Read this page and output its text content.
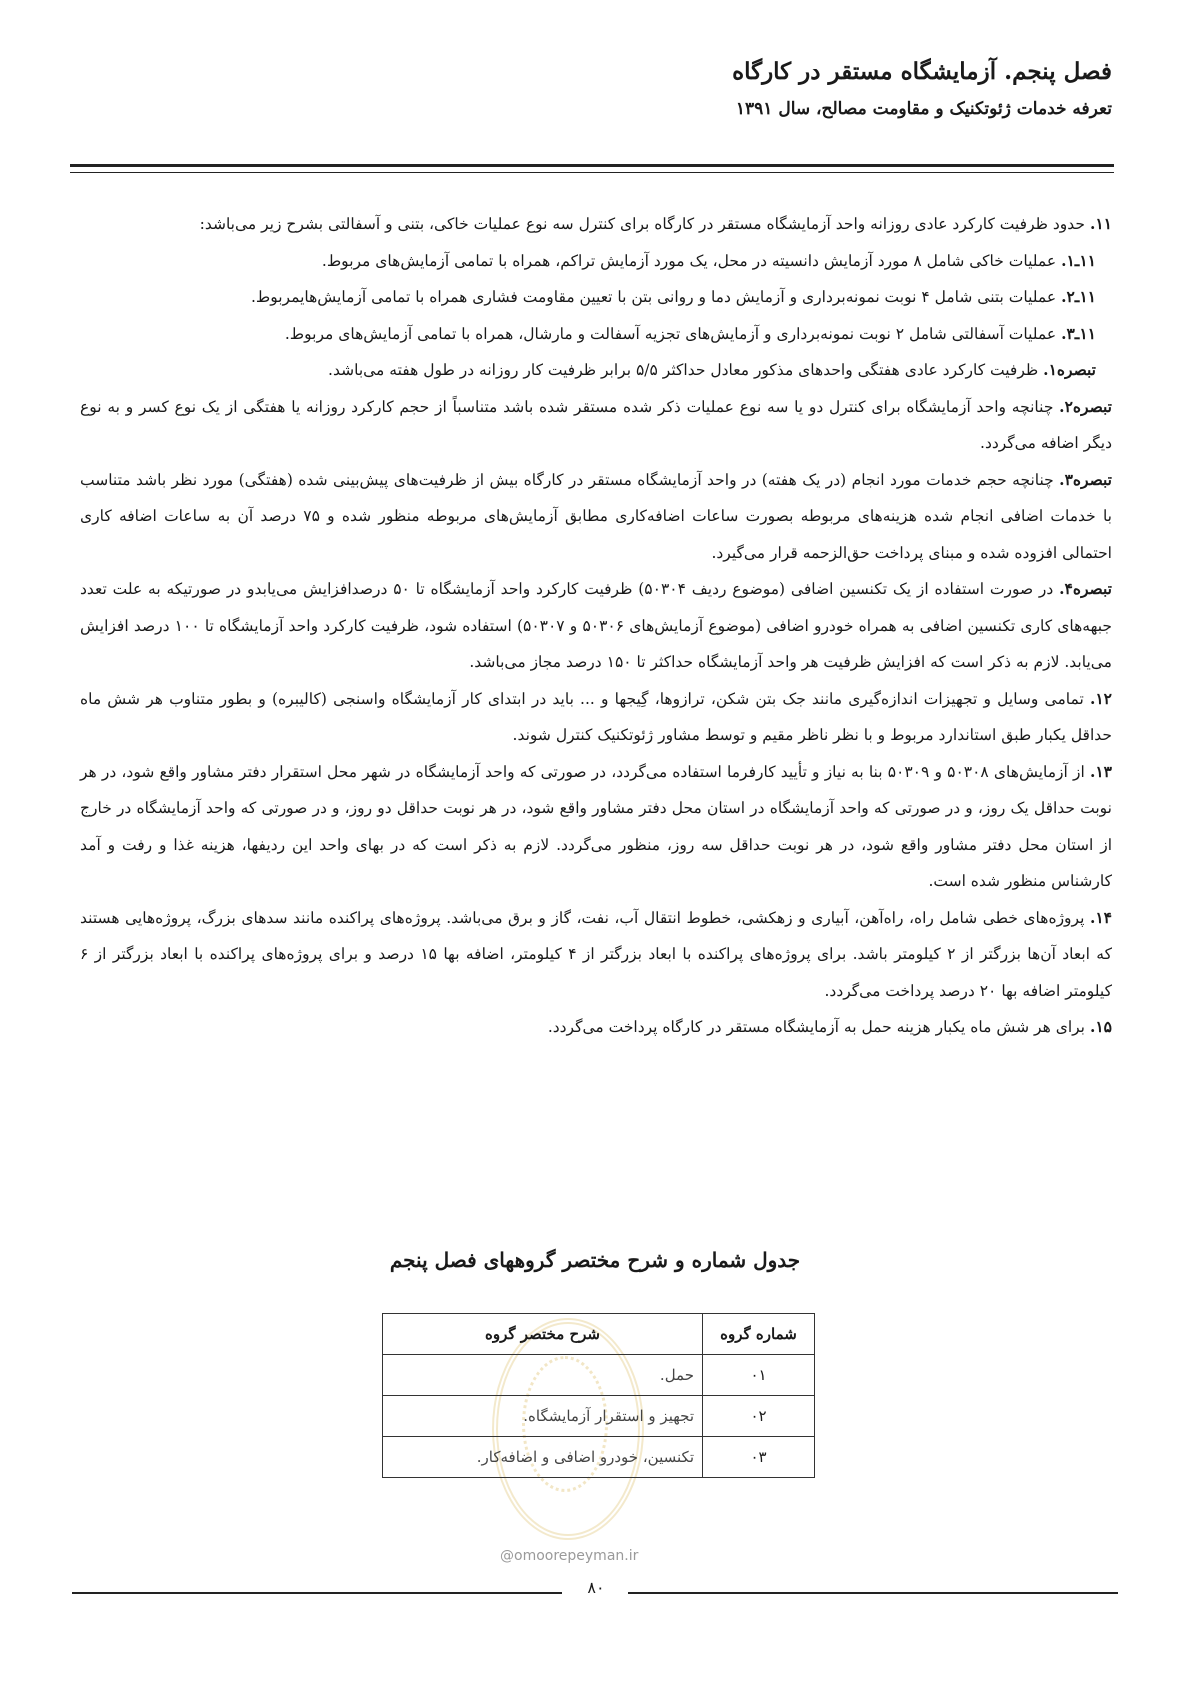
فصل پنجم. آزمایشگاه مستقر در کارگاه

تعرفه خدمات ژئوتکنیک و مقاومت مصالح، سال ۱۳۹۱

۱۱. حدود ظرفیت کارکرد عادی روزانه واحد آزمایشگاه مستقر در کارگاه برای کنترل سه نوع عملیات خاکی، بتنی و آسفالتی بشرح زیر می‌باشد:

۱۱ـ۱. عملیات خاکی شامل ۸ مورد آزمایش دانسیته در محل، یک مورد آزمایش تراکم، همراه با تمامی آزمایش‌های مربوط.

۱۱ـ۲. عملیات بتنی شامل ۴ نوبت نمونه‌برداری و آزمایش دما و روانی بتن با تعیین مقاومت فشاری همراه با تمامی آزمایش‌هایمربوط.

۱۱ـ۳. عملیات آسفالتی شامل ۲ نوبت نمونه‌برداری و آزمایش‌های تجزیه آسفالت و مارشال، همراه با تمامی آزمایش‌های مربوط.

تبصره۱. ظرفیت کارکرد عادی هفتگی واحدهای مذکور معادل حداکثر ۵/۵ برابر ظرفیت کار روزانه در طول هفته می‌باشد.

تبصره۲. چنانچه واحد آزمایشگاه برای کنترل دو یا سه نوع عملیات ذکر شده مستقر شده باشد متناسباً از حجم کارکرد روزانه یا هفتگی از یک نوع کسر و به نوع دیگر اضافه می‌گردد.

تبصره۳. چنانچه حجم خدمات مورد انجام (در یک هفته) در واحد آزمایشگاه مستقر در کارگاه بیش از ظرفیت‌های پیش‌بینی شده (هفتگی) مورد نظر باشد متناسب با خدمات اضافی انجام شده هزینه‌های مربوطه بصورت ساعات اضافه‌کاری مطابق آزمایش‌های مربوطه منظور شده و ۷۵ درصد آن به ساعات اضافه کاری احتمالی افزوده شده و مبنای پرداخت حق‌الزحمه قرار می‌گیرد.

تبصره۴. در صورت استفاده از یک تکنسین اضافی (موضوع ردیف ۵۰۳۰۴) ظرفیت کارکرد واحد آزمایشگاه تا ۵۰ درصدافزایش می‌یابدو در صورتیکه به علت تعدد جبهه‌های کاری تکنسین اضافی به همراه خودرو اضافی (موضوع آزمایش‌های ۵۰۳۰۶ و ۵۰۳۰۷) استفاده شود، ظرفیت کارکرد واحد آزمایشگاه تا ۱۰۰ درصد افزایش می‌یابد. لازم به ذکر است که افزایش ظرفیت هر واحد آزمایشگاه حداکثر تا ۱۵۰ درصد مجاز می‌باشد.

۱۲. تمامی وسایل و تجهیزات اندازه‌گیری مانند جک بتن شکن، ترازوها، گِیجها و ... باید در ابتدای کار آزمایشگاه واسنجی (کالیبره) و بطور متناوب هر شش ماه حداقل یکبار طبق استاندارد مربوط و با نظر ناظر مقیم و توسط مشاور ژئوتکنیک کنترل شوند.

۱۳. از آزمایش‌های ۵۰۳۰۸ و ۵۰۳۰۹ بنا به نیاز و تأیید کارفرما استفاده می‌گردد، در صورتی که واحد آزمایشگاه در شهر محل استقرار دفتر مشاور واقع شود، در هر نوبت حداقل یک روز، و در صورتی که واحد آزمایشگاه در استان محل دفتر مشاور واقع شود، در هر نوبت حداقل دو روز، و در صورتی که واحد آزمایشگاه در خارج از استان محل دفتر مشاور واقع شود، در هر نوبت حداقل سه روز، منظور می‌گردد. لازم به ذکر است که در بهای واحد این ردیفها، هزینه غذا و رفت و آمد کارشناس منظور شده است.

۱۴. پروژه‌های خطی شامل راه، راه‌آهن، آبیاری و زهکشی، خطوط انتقال آب، نفت، گاز و برق می‌باشد. پروژه‌های پراکنده مانند سدهای بزرگ، پروژه‌هایی هستند که ابعاد آن‌ها بزرگتر از ۲ کیلومتر باشد. برای پروژه‌های پراکنده با ابعاد بزرگتر از ۴ کیلومتر، اضافه بها ۱۵ درصد و برای پروژه‌های پراکنده با ابعاد بزرگتر از ۶ کیلومتر اضافه بها ۲۰ درصد پرداخت می‌گردد.

۱۵. برای هر شش ماه یکبار هزینه حمل به آزمایشگاه مستقر در کارگاه پرداخت می‌گردد.

جدول شماره و شرح مختصر گروههای فصل پنجم
شماره گروه	شرح مختصر گروه
۰۱	حمل.
۰۲	تجهیز و استقرار آزمایشگاه.
۰۳	تکنسین، خودرو اضافی و اضافه‌کار.
@omoorepeyman.ir
۸۰
